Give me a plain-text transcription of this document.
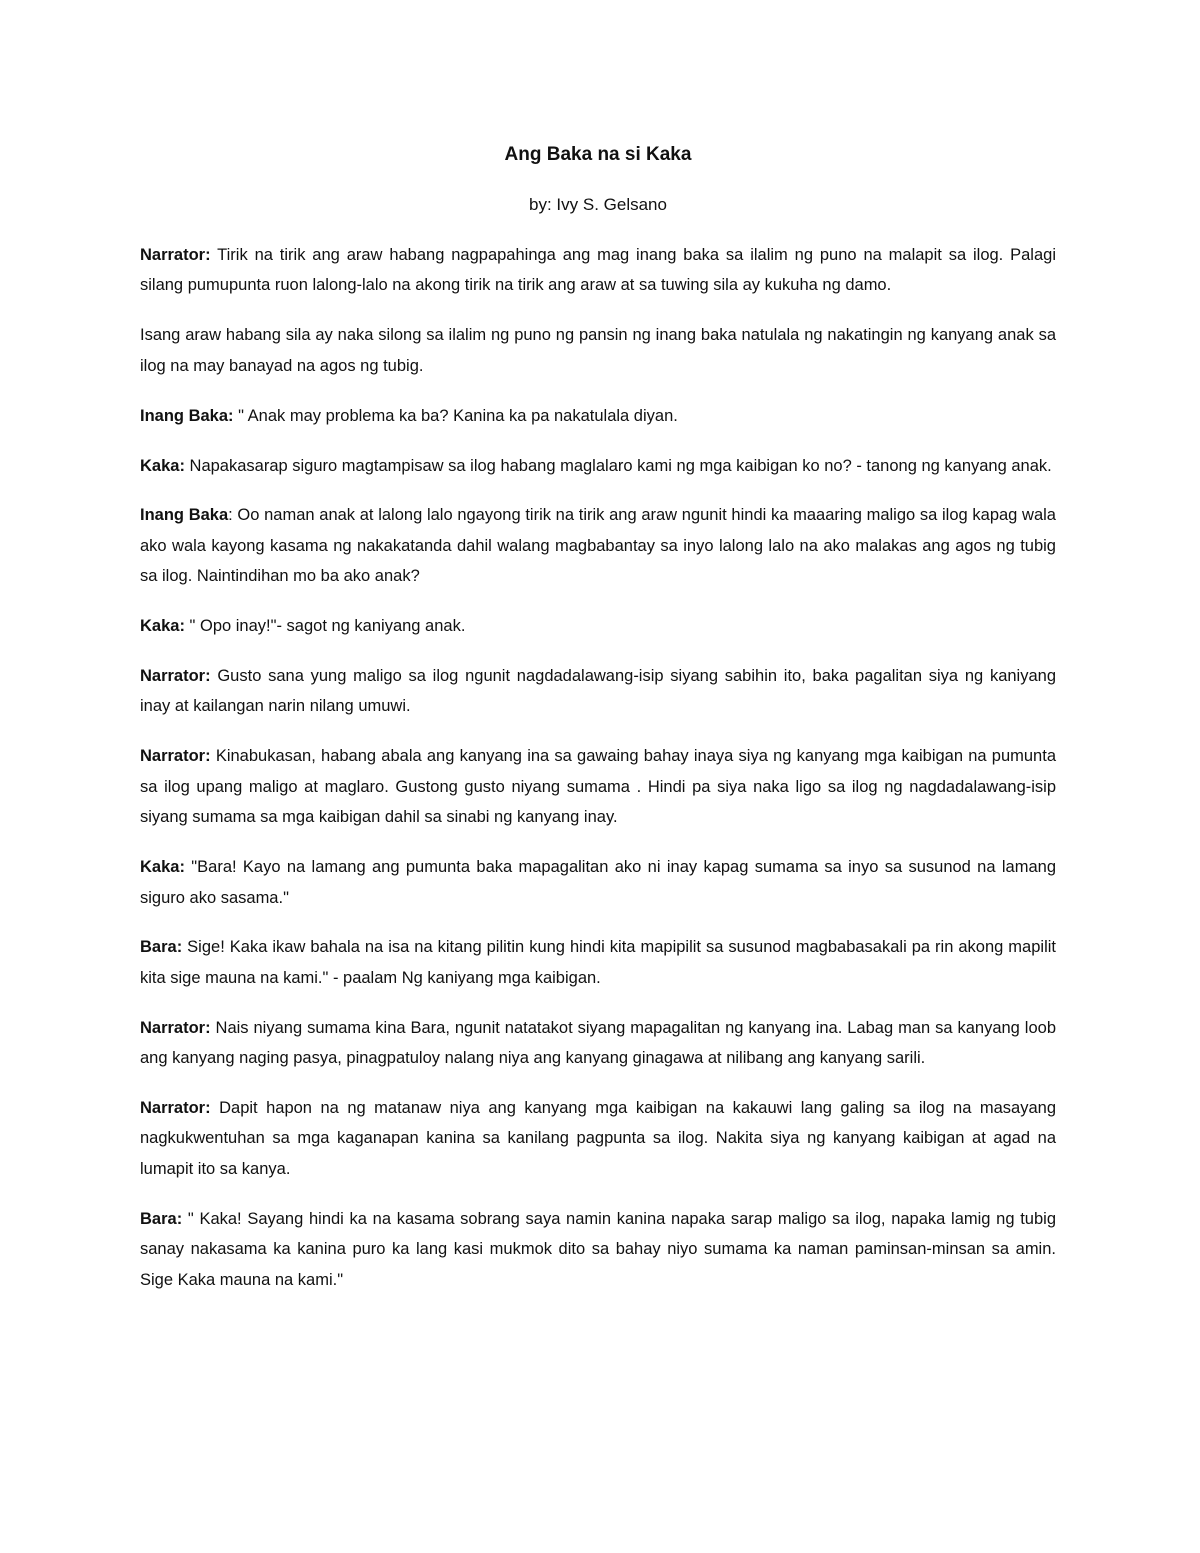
Ang Baka na si Kaka
by: Ivy S. Gelsano

Narrator: Tirik na tirik ang araw habang nagpapahinga ang mag inang baka sa ilalim ng puno na malapit sa ilog. Palagi silang pumupunta ruon lalong-lalo na akong tirik na tirik ang araw at sa tuwing sila ay kukuha ng damo.

Isang araw habang sila ay naka silong sa ilalim ng puno ng pansin ng inang baka natulala ng nakatingin ng kanyang anak sa ilog na may banayad na agos ng tubig.

Inang Baka: " Anak may problema ka ba? Kanina ka pa nakatulala diyan.

Kaka: Napakasarap siguro magtampisaw sa ilog habang maglalaro kami ng mga kaibigan ko no? - tanong ng kanyang anak.

Inang Baka: Oo naman anak at lalong lalo ngayong tirik na tirik ang araw ngunit hindi ka maaaring maligo sa ilog kapag wala ako wala kayong kasama ng nakakatanda dahil walang magbabantay sa inyo lalong lalo na ako malakas ang agos ng tubig sa ilog. Naintindihan mo ba ako anak?

Kaka: " Opo inay!"- sagot ng kaniyang anak.

Narrator: Gusto sana yung maligo sa ilog ngunit nagdadalawang-isip siyang sabihin ito, baka pagalitan siya ng kaniyang inay at kailangan narin nilang umuwi.

Narrator: Kinabukasan, habang abala ang kanyang ina sa gawaing bahay inaya siya ng kanyang mga kaibigan na pumunta sa ilog upang maligo at maglaro. Gustong gusto niyang sumama . Hindi pa siya naka ligo sa ilog ng nagdadalawang-isip siyang sumama sa mga kaibigan dahil sa sinabi ng kanyang inay.

Kaka: "Bara! Kayo na lamang ang pumunta baka mapagalitan ako ni inay kapag sumama sa inyo sa susunod na lamang siguro ako sasama."

Bara: Sige! Kaka ikaw bahala na isa na kitang pilitin kung hindi kita mapipilit sa susunod magbabasakali pa rin akong mapilit kita sige mauna na kami." - paalam Ng kaniyang mga kaibigan.

Narrator: Nais niyang sumama kina Bara, ngunit natatakot siyang mapagalitan ng kanyang ina. Labag man sa kanyang loob ang kanyang naging pasya, pinagpatuloy nalang niya ang kanyang ginagawa at nilibang ang kanyang sarili.

Narrator: Dapit hapon na ng matanaw niya ang kanyang mga kaibigan na kakauwi lang galing sa ilog na masayang nagkukwentuhan sa mga kaganapan kanina sa kanilang pagpunta sa ilog. Nakita siya ng kanyang kaibigan at agad na lumapit ito sa kanya.

Bara: " Kaka! Sayang hindi ka na kasama sobrang saya namin kanina napaka sarap maligo sa ilog, napaka lamig ng tubig sanay nakasama ka kanina puro ka lang kasi mukmok dito sa bahay niyo sumama ka naman paminsan-minsan sa amin. Sige Kaka mauna na kami."
